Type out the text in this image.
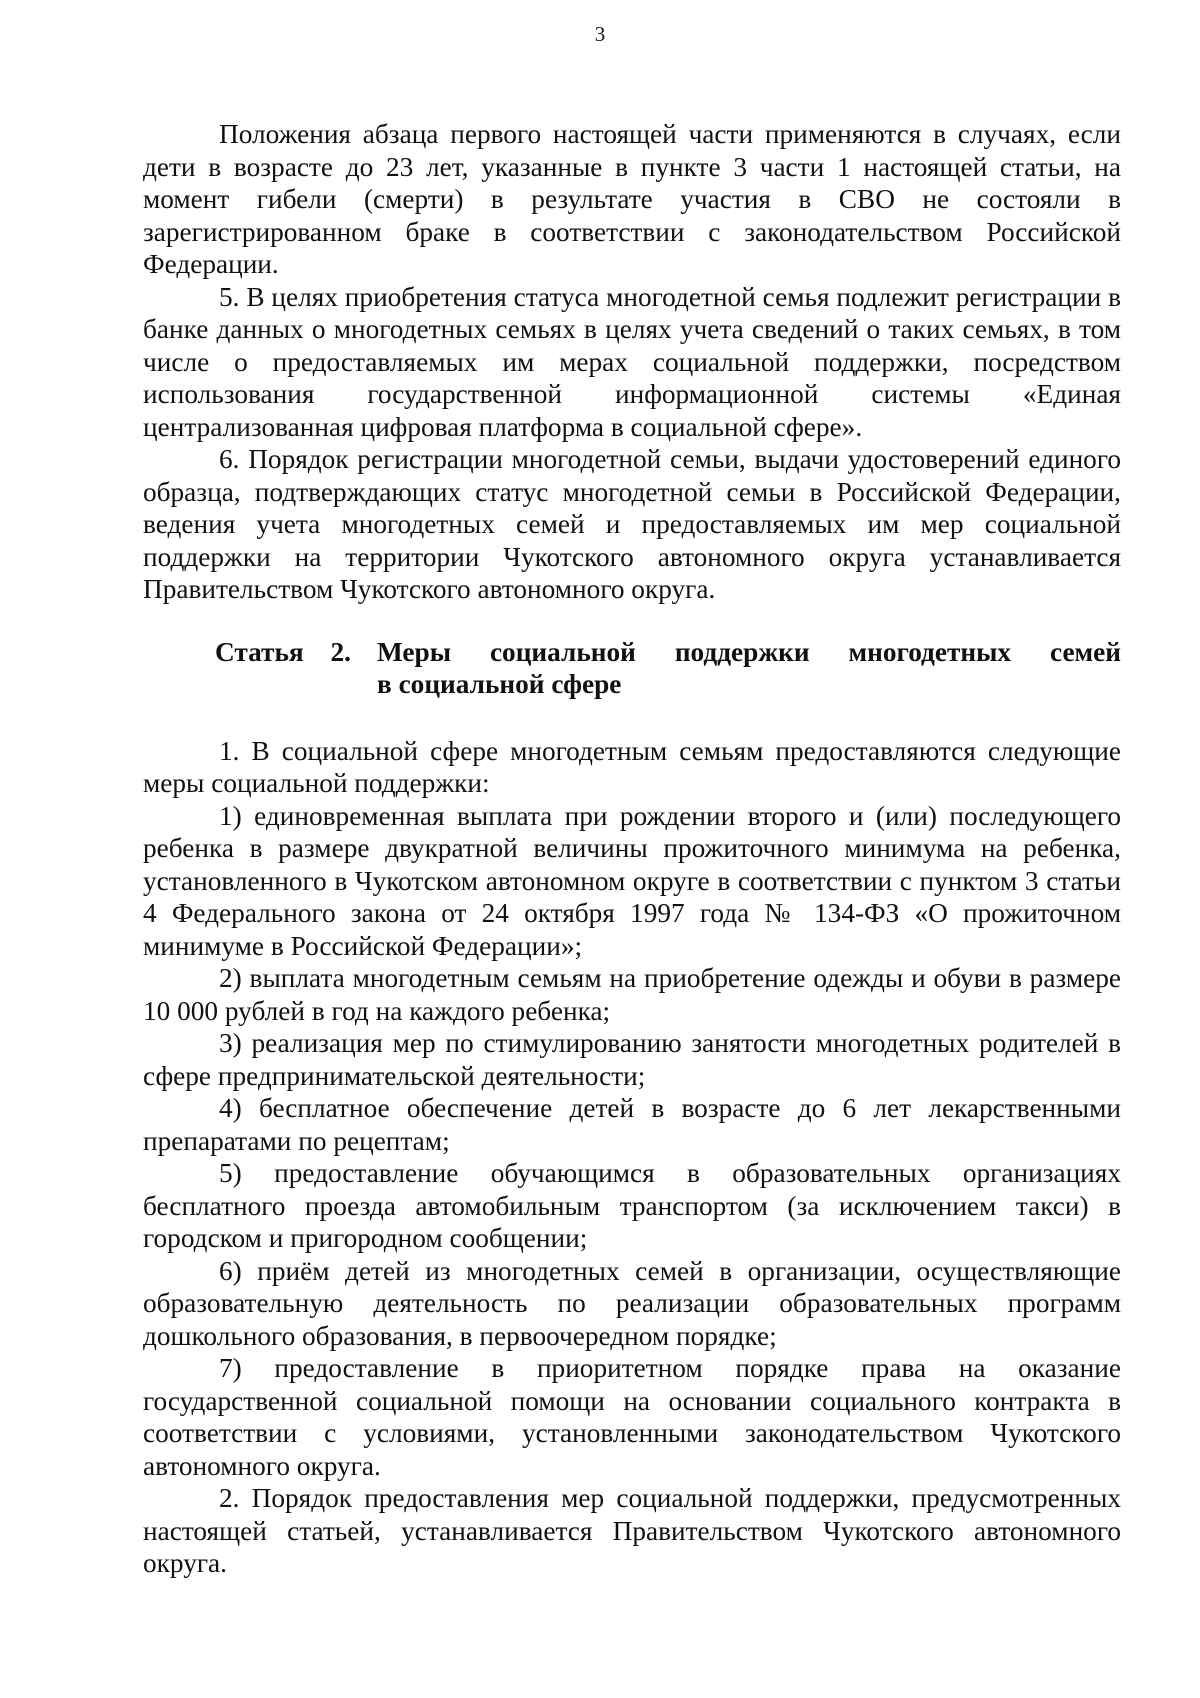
3

Положения абзаца первого настоящей части применяются в случаях, если дети в возрасте до 23 лет, указанные в пункте 3 части 1 настоящей статьи, на момент гибели (смерти) в результате участия в СВО не состояли в зарегистрированном браке в соответствии с законодательством Российской Федерации.

5. В целях приобретения статуса многодетной семья подлежит регистрации в банке данных о многодетных семьях в целях учета сведений о таких семьях, в том числе о предоставляемых им мерах социальной поддержки, посредством использования государственной информационной системы «Единая централизованная цифровая платформа в социальной сфере».

6. Порядок регистрации многодетной семьи, выдачи удостоверений единого образца, подтверждающих статус многодетной семьи в Российской Федерации, ведения учета многодетных семей и предоставляемых им мер социальной поддержки на территории Чукотского автономного округа устанавливается Правительством Чукотского автономного округа.

Статья 2. Меры социальной поддержки многодетных семей
в социальной сфере

1. В социальной сфере многодетным семьям предоставляются следующие меры социальной поддержки:

1) единовременная выплата при рождении второго и (или) последующего ребенка в размере двукратной величины прожиточного минимума на ребенка, установленного в Чукотском автономном округе в соответствии с пунктом 3 статьи 4 Федерального закона от 24 октября 1997 года № 134-ФЗ «О прожиточном минимуме в Российской Федерации»;

2) выплата многодетным семьям на приобретение одежды и обуви в размере 10 000 рублей в год на каждого ребенка;

3) реализация мер по стимулированию занятости многодетных родителей в сфере предпринимательской деятельности;

4) бесплатное обеспечение детей в возрасте до 6 лет лекарственными препаратами по рецептам;

5) предоставление обучающимся в образовательных организациях бесплатного проезда автомобильным транспортом (за исключением такси) в городском и пригородном сообщении;

6) приём детей из многодетных семей в организации, осуществляющие образовательную деятельность по реализации образовательных программ дошкольного образования, в первоочередном порядке;

7) предоставление в приоритетном порядке права на оказание государственной социальной помощи на основании социального контракта в соответствии с условиями, установленными законодательством Чукотского автономного округа.

2. Порядок предоставления мер социальной поддержки, предусмотренных настоящей статьей, устанавливается Правительством Чукотского автономного округа.
